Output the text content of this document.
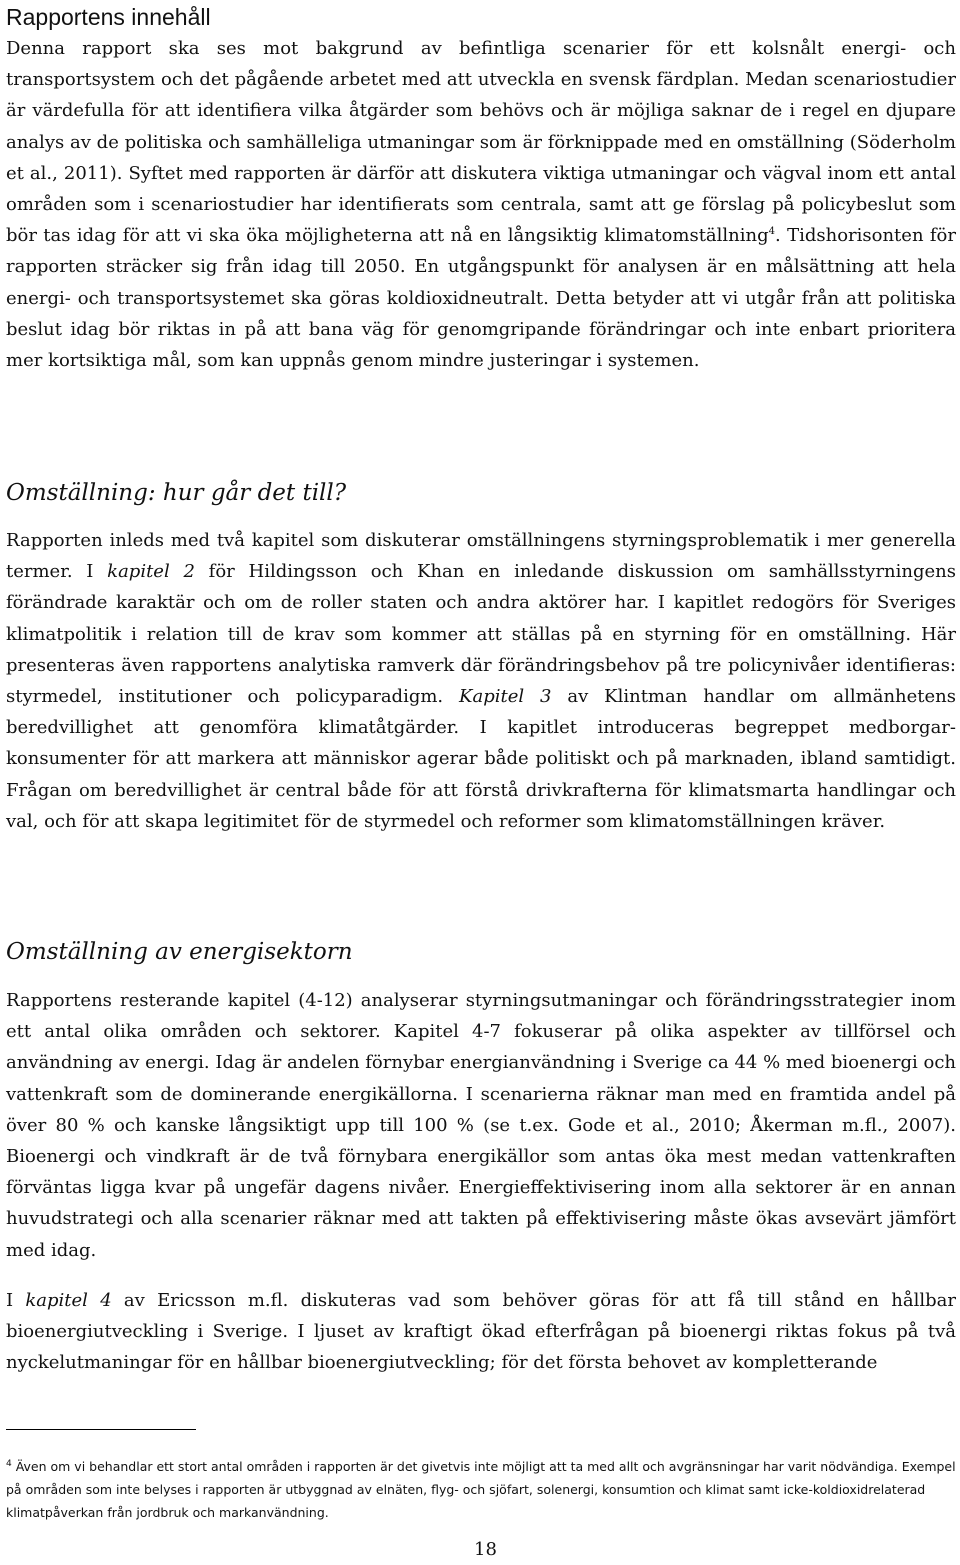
Rapportens innehåll

Denna rapport ska ses mot bakgrund av befintliga scenarier för ett kolsnålt energi- och transportsystem och det pågående arbetet med att utveckla en svensk färdplan. Medan scenariostudier är värdefulla för att identifiera vilka åtgärder som behövs och är möjliga saknar de i regel en djupare analys av de politiska och samhälleliga utmaningar som är förknippade med en omställning (Söderholm et al., 2011). Syftet med rapporten är därför att diskutera viktiga utmaningar och vägval inom ett antal områden som i scenariostudier har identifierats som centrala, samt att ge förslag på policybeslut som bör tas idag för att vi ska öka möjligheterna att nå en långsiktig klimatomställning$^4$. Tidshorisonten för rapporten sträcker sig från idag till 2050. En utgångspunkt för analysen är en målsättning att hela energi- och transportsystemet ska göras koldioxidneutralt. Detta betyder att vi utgår från att politiska beslut idag bör riktas in på att bana väg för genomgripande förändringar och inte enbart prioritera mer kortsiktiga mål, som kan uppnås genom mindre justeringar i systemen.

Omställning: hur går det till?

Rapporten inleds med två kapitel som diskuterar omställningens styrningsproblematik i mer generella termer. I kapitel 2 för Hildingsson och Khan en inledande diskussion om samhällsstyrningens förändrade karaktär och om de roller staten och andra aktörer har. I kapitlet redogörs för Sveriges klimatpolitik i relation till de krav som kommer att ställas på en styrning för en omställning. Här presenteras även rapportens analytiska ramverk där förändringsbehov på tre policynivåer identifieras: styrmedel, institutioner och policyparadigm. Kapitel 3 av Klintman handlar om allmänhetens beredvillighet att genomföra klimatåtgärder. I kapitlet introduceras begreppet medborgar-konsumenter för att markera att människor agerar både politiskt och på marknaden, ibland samtidigt. Frågan om beredvillighet är central både för att förstå drivkrafterna för klimatsmarta handlingar och val, och för att skapa legitimitet för de styrmedel och reformer som klimatomställningen kräver.

Omställning av energisektorn

Rapportens resterande kapitel (4-12) analyserar styrningsutmaningar och förändringsstrategier inom ett antal olika områden och sektorer. Kapitel 4-7 fokuserar på olika aspekter av tillförsel och användning av energi. Idag är andelen förnybar energianvändning i Sverige ca 44 % med bioenergi och vattenkraft som de dominerande energikällorna. I scenarierna räknar man med en framtida andel på över 80 % och kanske långsiktigt upp till 100 % (se t.ex. Gode et al., 2010; Åkerman m.fl., 2007). Bioenergi och vindkraft är de två förnybara energikällor som antas öka mest medan vattenkraften förväntas ligga kvar på ungefär dagens nivåer. Energieffektivisering inom alla sektorer är en annan huvudstrategi och alla scenarier räknar med att takten på effektivisering måste ökas avsevärt jämfört med idag.

I kapitel 4 av Ericsson m.fl. diskuteras vad som behöver göras för att få till stånd en hållbar bioenergiutveckling i Sverige. I ljuset av kraftigt ökad efterfrågan på bioenergi riktas fokus på två nyckelutmaningar för en hållbar bioenergiutveckling; för det första behovet av kompletterande

$^4$ Även om vi behandlar ett stort antal områden i rapporten är det givetvis inte möjligt att ta med allt och avgränsningar har varit nödvändiga. Exempel på områden som inte belyses i rapporten är utbyggnad av elnäten, flyg- och sjöfart, solenergi, konsumtion och klimat samt icke-koldioxidrelaterad klimatpåverkan från jordbruk och markanvändning.
18
